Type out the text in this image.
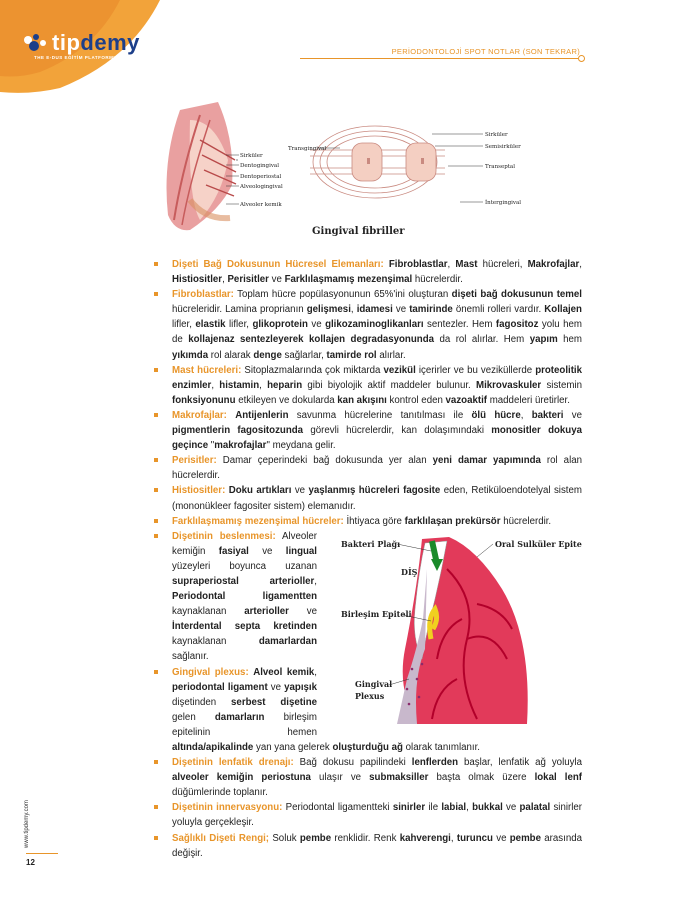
tipdemy
THE E-DUS EĞİTİM PLATFORMU
PERİODONTOLOJİ SPOT NOTLAR (SON TEKRAR)
Sirküler
Dentogingival
Dentoperiostal
Alveologingival
Alveoler kemik
Transgingival
Sirküler
Semisirküler
Transeptal
İntergingival
Gingival fibriller
Dişeti Bağ Dokusunun Hücresel Elemanları: Fibroblastlar, Mast hücreleri, Makrofajlar, Histiositler, Perisitler ve Farklılaşmamış mezenşimal hücrelerdir.
Fibroblastlar: Toplam hücre popülasyonunun 65%'ini oluşturan dişeti bağ dokusunun temel hücreleridir. Lamina proprianın gelişmesi, idamesi ve tamirinde önemli rolleri vardır. Kollajen lifler, elastik lifler, glikoprotein ve glikozaminoglikanları sentezler. Hem fagositoz yolu hem de kollajenaz sentezleyerek kollajen degradasyonunda da rol alırlar. Hem yapım hem yıkımda rol alarak denge sağlarlar, tamirde rol alırlar.
Mast hücreleri: Sitoplazmalarında çok miktarda vezikül içerirler ve bu veziküllerde proteolitik enzimler, histamin, heparin gibi biyolojik aktif maddeler bulunur. Mikrovaskuler sistemin fonksiyonunu etkileyen ve dokularda kan akışını kontrol eden vazoaktif maddeleri üretirler.
Makrofajlar: Antijenlerin savunma hücrelerine tanıtılması ile ölü hücre, bakteri ve pigmentlerin fagositozunda görevli hücrelerdir, kan dolaşımındaki monositler dokuya geçince "makrofajlar" meydana gelir.
Perisitler: Damar çeperindeki bağ dokusunda yer alan yeni damar yapımında rol alan hücrelerdir.
Histiositler: Doku artıkları ve yaşlanmış hücreleri fagosite eden, Retiküloendotelyal sistem (mononükleer fagositer sistem) elemanıdır.
Farklılaşmamış mezenşimal hücreler: İhtiyaca göre farklılaşan prekürsör hücrelerdir.
Bakteri Plağı	Oral Sulküler Epitel
DİŞ
Birleşim Epiteli
Gingival
Plexus
Dişetinin beslenmesi: Alveoler kemiğin fasiyal ve lingual yüzeyleri boyunca uzanan supraperiostal arterioller, Periodontal ligamentten kaynaklanan arterioller ve İnterdental septa kretinden kaynaklanan damarlardan sağlanır.
Gingival plexus: Alveol kemik, periodontal ligament ve yapışık dişetinden serbest dişetine gelen damarların birleşim epitelinin hemen altında/apikalinde yan yana gelerek oluşturduğu ağ olarak tanımlanır.
Dişetinin lenfatik drenajı: Bağ dokusu papilindeki lenflerden başlar, lenfatik ağ yoluyla alveoler kemiğin periostuna ulaşır ve submaksiller başta olmak üzere lokal lenf düğümlerinde toplanır.
Dişetinin innervasyonu: Periodontal ligamentteki sinirler ile labial, bukkal ve palatal sinirler yoluyla gerçekleşir.
Sağlıklı Dişeti Rengi; Soluk pembe renklidir. Renk kahverengi, turuncu ve pembe arasında değişir.
www.tipdemy.com
12
